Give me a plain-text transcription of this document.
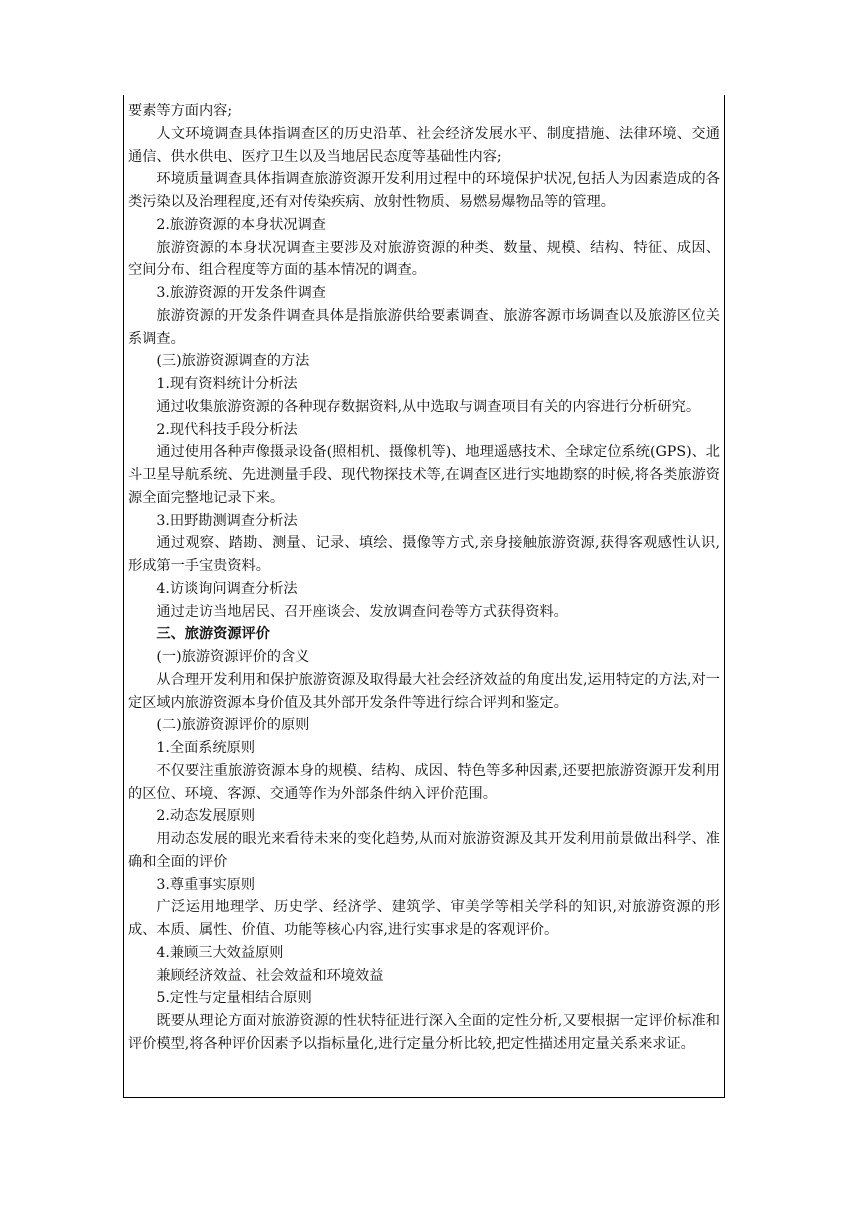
要素等方面内容;

人文环境调查具体指调查区的历史沿革、社会经济发展水平、制度措施、法律环境、交通通信、供水供电、医疗卫生以及当地居民态度等基础性内容;

环境质量调查具体指调查旅游资源开发利用过程中的环境保护状况,包括人为因素造成的各类污染以及治理程度,还有对传染疾病、放射性物质、易燃易爆物品等的管理。

2.旅游资源的本身状况调查

旅游资源的本身状况调查主要涉及对旅游资源的种类、数量、规模、结构、特征、成因、空间分布、组合程度等方面的基本情况的调查。

3.旅游资源的开发条件调查

旅游资源的开发条件调查具体是指旅游供给要素调查、旅游客源市场调查以及旅游区位关系调查。

(三)旅游资源调查的方法

1.现有资料统计分析法

通过收集旅游资源的各种现存数据资料,从中选取与调查项目有关的内容进行分析研究。

2.现代科技手段分析法

通过使用各种声像摄录设备(照相机、摄像机等)、地理遥感技术、全球定位系统(GPS)、北斗卫星导航系统、先进测量手段、现代物探技术等,在调查区进行实地勘察的时候,将各类旅游资源全面完整地记录下来。

3.田野勘测调查分析法

通过观察、踏勘、测量、记录、填绘、摄像等方式,亲身接触旅游资源,获得客观感性认识,形成第一手宝贵资料。

4.访谈询问调查分析法

通过走访当地居民、召开座谈会、发放调查问卷等方式获得资料。

三、旅游资源评价

(一)旅游资源评价的含义

从合理开发利用和保护旅游资源及取得最大社会经济效益的角度出发,运用特定的方法,对一定区域内旅游资源本身价值及其外部开发条件等进行综合评判和鉴定。

(二)旅游资源评价的原则

1.全面系统原则

不仅要注重旅游资源本身的规模、结构、成因、特色等多种因素,还要把旅游资源开发利用的区位、环境、客源、交通等作为外部条件纳入评价范围。

2.动态发展原则

用动态发展的眼光来看待未来的变化趋势,从而对旅游资源及其开发利用前景做出科学、准确和全面的评价

3.尊重事实原则

广泛运用地理学、历史学、经济学、建筑学、审美学等相关学科的知识,对旅游资源的形成、本质、属性、价值、功能等核心内容,进行实事求是的客观评价。

4.兼顾三大效益原则

兼顾经济效益、社会效益和环境效益

5.定性与定量相结合原则

既要从理论方面对旅游资源的性状特征进行深入全面的定性分析,又要根据一定评价标准和评价模型,将各种评价因素予以指标量化,进行定量分析比较,把定性描述用定量关系来求证。
